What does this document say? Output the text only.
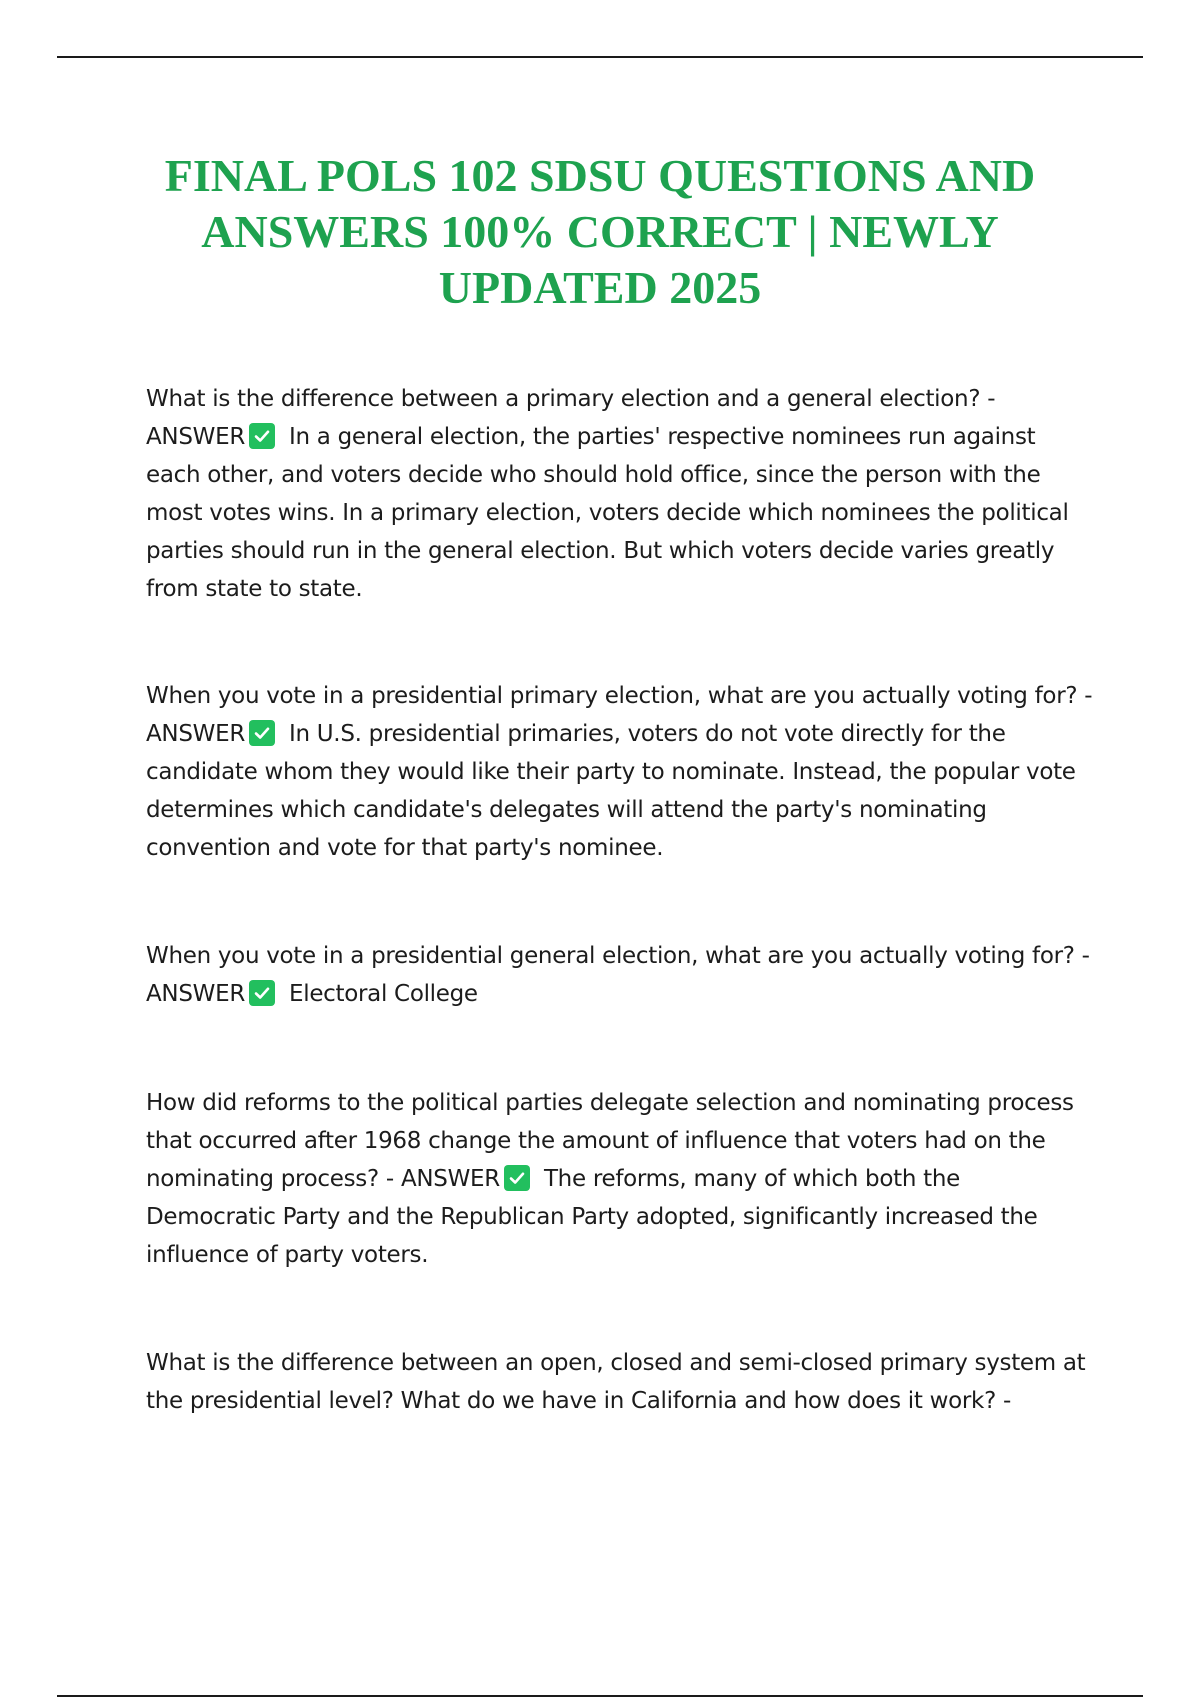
FINAL POLS 102 SDSU QUESTIONS AND ANSWERS 100% CORRECT | NEWLY UPDATED 2025

What is the difference between a primary election and a general election? - ANSWER In a general election, the parties' respective nominees run against each other, and voters decide who should hold office, since the person with the most votes wins. In a primary election, voters decide which nominees the political parties should run in the general election. But which voters decide varies greatly from state to state.

When you vote in a presidential primary election, what are you actually voting for? - ANSWER In U.S. presidential primaries, voters do not vote directly for the candidate whom they would like their party to nominate. Instead, the popular vote determines which candidate's delegates will attend the party's nominating convention and vote for that party's nominee.

When you vote in a presidential general election, what are you actually voting for? - ANSWER Electoral College

How did reforms to the political parties delegate selection and nominating process that occurred after 1968 change the amount of influence that voters had on the nominating process? - ANSWER The reforms, many of which both the Democratic Party and the Republican Party adopted, significantly increased the influence of party voters.

What is the difference between an open, closed and semi-closed primary system at the presidential level? What do we have in California and how does it work? -
